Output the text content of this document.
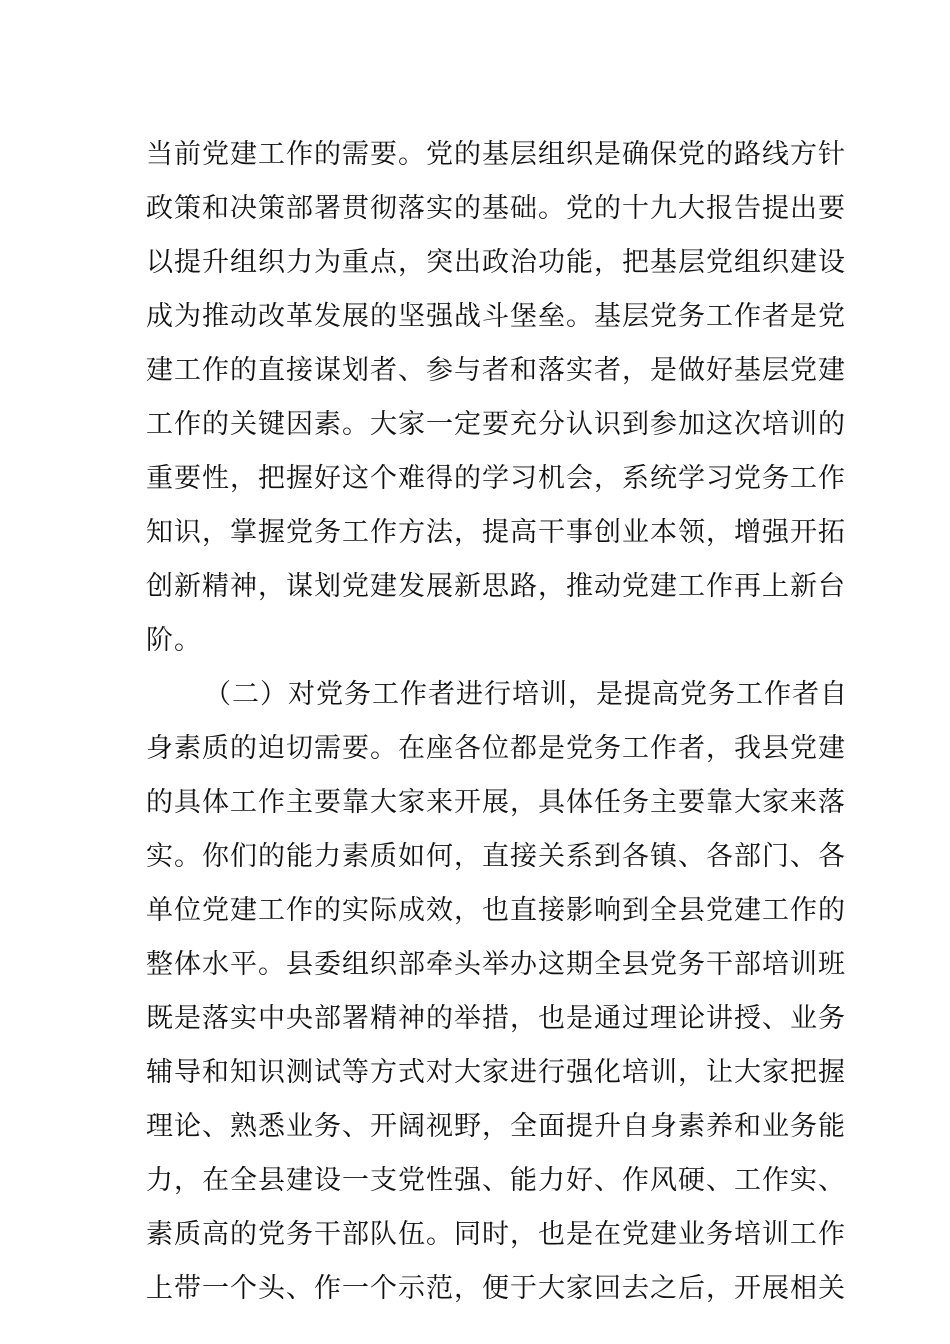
当前党建工作的需要。党的基层组织是确保党的路线方针
政策和决策部署贯彻落实的基础。党的十九大报告提出要
以提升组织力为重点，突出政治功能，把基层党组织建设
成为推动改革发展的坚强战斗堡垒。基层党务工作者是党
建工作的直接谋划者、参与者和落实者，是做好基层党建
工作的关键因素。大家一定要充分认识到参加这次培训的
重要性，把握好这个难得的学习机会，系统学习党务工作
知识，掌握党务工作方法，提高干事创业本领，增强开拓
创新精神，谋划党建发展新思路，推动党建工作再上新台
阶。
（二）对党务工作者进行培训，是提高党务工作者自
身素质的迫切需要。在座各位都是党务工作者，我县党建
的具体工作主要靠大家来开展，具体任务主要靠大家来落
实。你们的能力素质如何，直接关系到各镇、各部门、各
单位党建工作的实际成效，也直接影响到全县党建工作的
整体水平。县委组织部牵头举办这期全县党务干部培训班
既是落实中央部署精神的举措，也是通过理论讲授、业务
辅导和知识测试等方式对大家进行强化培训，让大家把握
理论、熟悉业务、开阔视野，全面提升自身素养和业务能
力，在全县建设一支党性强、能力好、作风硬、工作实、
素质高的党务干部队伍。同时，也是在党建业务培训工作
上带一个头、作一个示范，便于大家回去之后，开展相关
